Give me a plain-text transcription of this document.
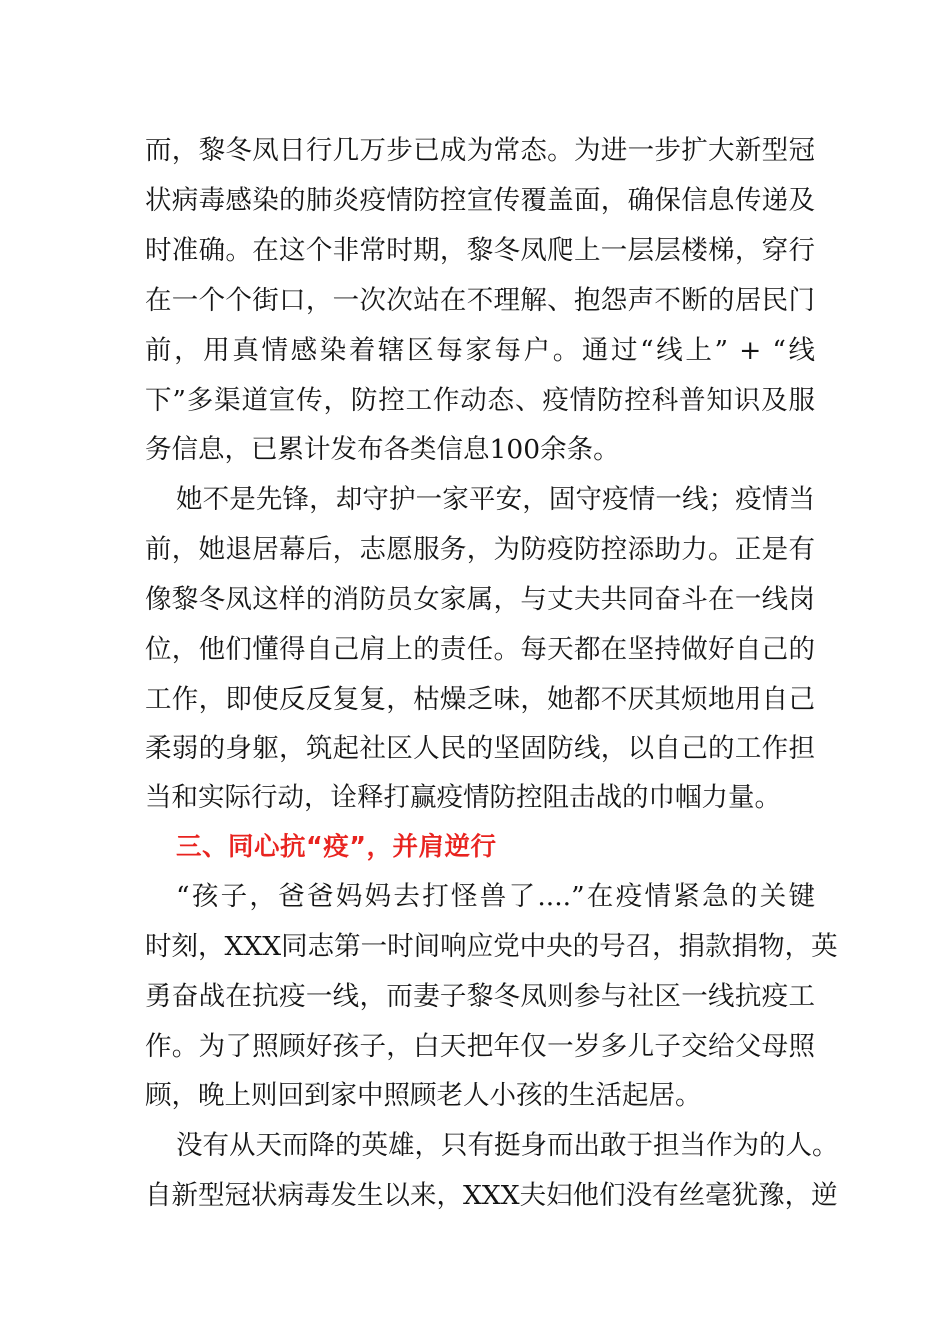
而，黎冬凤日行几万步已成为常态。为进一步扩大新型冠
状病毒感染的肺炎疫情防控宣传覆盖面，确保信息传递及
时准确。在这个非常时期，黎冬凤爬上一层层楼梯，穿行
在一个个街口，一次次站在不理解、抱怨声不断的居民门
前，用真情感染着辖区每家每户。通过“线上” + “线
下”多渠道宣传，防控工作动态、疫情防控科普知识及服
务信息，已累计发布各类信息100余条。
她不是先锋，却守护一家平安，固守疫情一线；疫情当
前，她退居幕后，志愿服务，为防疫防控添助力。正是有
像黎冬凤这样的消防员女家属，与丈夫共同奋斗在一线岗
位，他们懂得自己肩上的责任。每天都在坚持做好自己的
工作，即使反反复复，枯燥乏味，她都不厌其烦地用自己
柔弱的身躯，筑起社区人民的坚固防线，以自己的工作担
当和实际行动，诠释打赢疫情防控阻击战的巾帼力量。
三、同心抗“疫”，并肩逆行
“孩子，爸爸妈妈去打怪兽了....”在疫情紧急的关键
时刻，XXX同志第一时间响应党中央的号召，捐款捐物，英
勇奋战在抗疫一线，而妻子黎冬凤则参与社区一线抗疫工
作。为了照顾好孩子，白天把年仅一岁多儿子交给父母照
顾，晚上则回到家中照顾老人小孩的生活起居。
没有从天而降的英雄，只有挺身而出敢于担当作为的人。
自新型冠状病毒发生以来，XXX夫妇他们没有丝毫犹豫，逆
